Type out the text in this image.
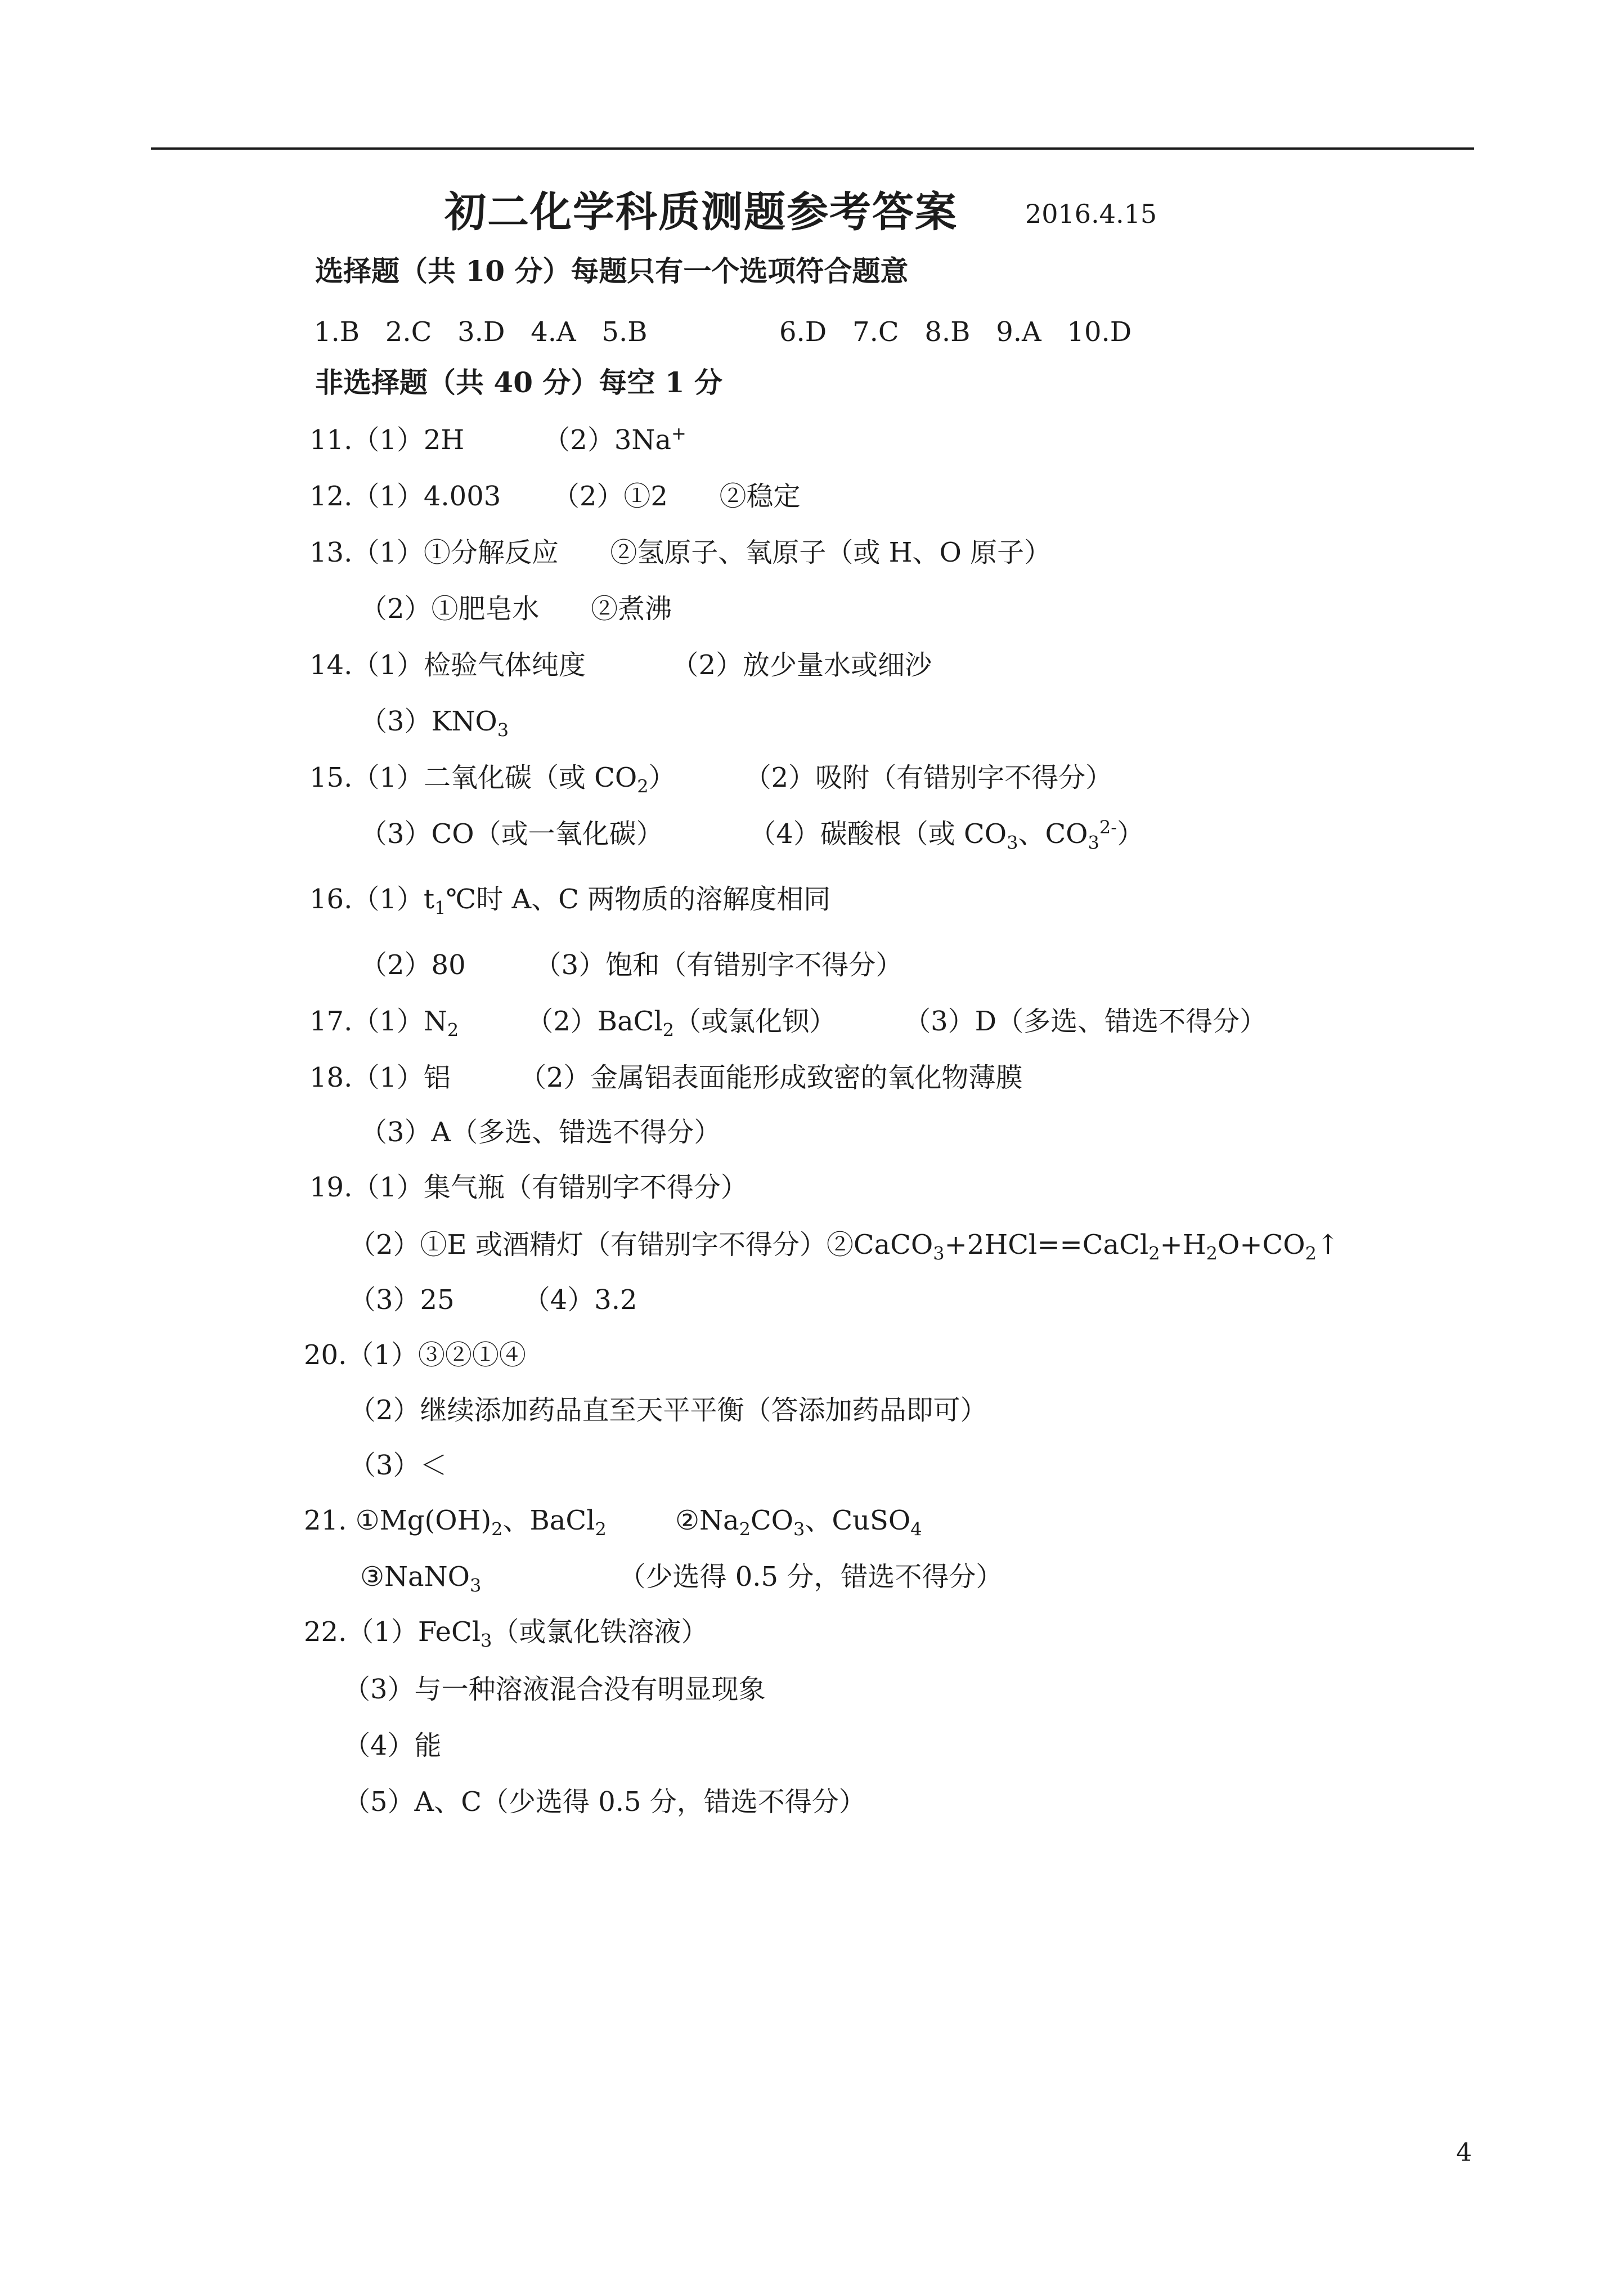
初二化学科质测题参考答案	2016.4.15
选择题（共 10 分）每题只有一个选项符合题意
1.B   2.C   3.D   4.A   5.B	6.D   7.C   8.B   9.A   10.D
非选择题（共 40 分）每空 1 分
11.（1）2H	（2）3Na+
12.（1）4.003      （2）①2      ②稳定
13.（1）①分解反应      ②氢原子、氧原子（或 H、O 原子）
（2）①肥皂水      ②煮沸
14.（1）检验气体纯度          （2）放少量水或细沙
$(3)KNO_3$
15.（1）二氧化碳（或 $CO_2$）        （2）吸附（有错别字不得分）
（3）CO（或一氧化碳）          （4）碳酸根（或 $CO_3$、$CO_3^{2-}$）
$16.(1)t_1℃$时 A、C 两物质的溶解度相同
（2）80        （3）饱和（有错别字不得分）
$17.(1)N_2$	（2）BaCl$_2$（或氯化钡）	（3）D（多选、错选不得分）
18.（1）铝        （2）金属铝表面能形成致密的氧化物薄膜
（3）A（多选、错选不得分）
19.（1）集气瓶（有错别字不得分）
（2）①E 或酒精灯（有错别字不得分）$②CaCO_3+2HCl==CaCl_2+H_2O+CO_2↑$
（3）25        （4）3.2
20.（1）③②①④
（2）继续添加药品直至天平平衡（答添加药品即可）
（3）＜
21. $①Mg(OH)_2$、BaCl$_2$        $②Na_2CO_3$、CuSO$_4$
③NaNO$_3$                （少选得 0.5 分，错选不得分）
22.（1）FeCl$_3$（或氯化铁溶液）
（3）与一种溶液混合没有明显现象
（4）能
（5）A、C（少选得 0.5 分，错选不得分）
4
